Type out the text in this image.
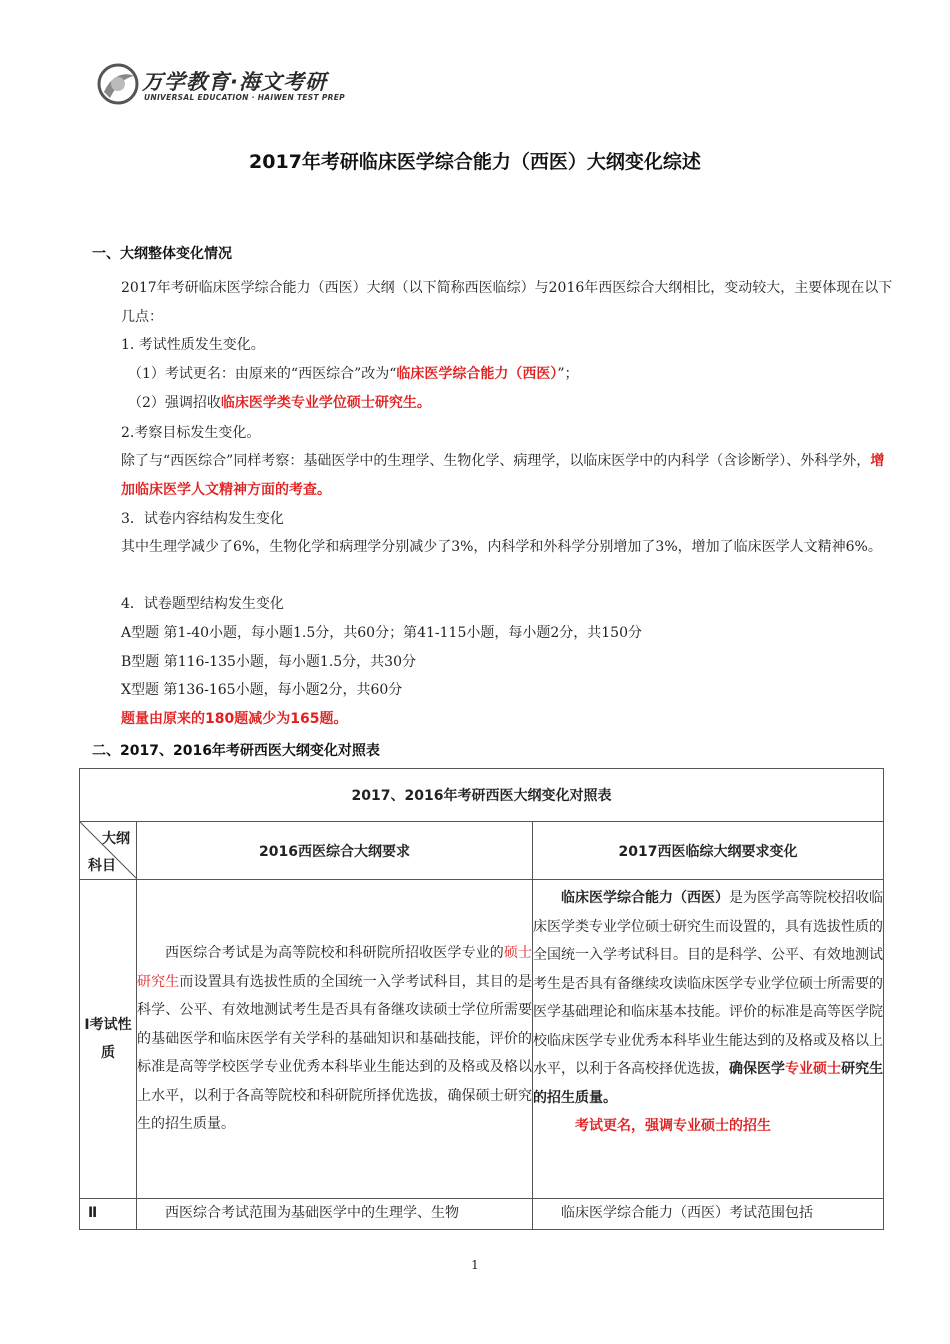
万学教育·海文考研
UNIVERSAL EDUCATION · HAIWEN TEST PREP
2017年考研临床医学综合能力（西医）大纲变化综述
一、大纲整体变化情况
2017年考研临床医学综合能力（西医）大纲（以下简称西医临综）与2016年西医综合大纲相比，变动较大，主要体现在以下几点：
1. 考试性质发生变化。
（1）考试更名：由原来的“西医综合”改为“临床医学综合能力（西医）”；
（2）强调招收临床医学类专业学位硕士研究生。
2.考察目标发生变化。
除了与“西医综合”同样考察：基础医学中的生理学、生物化学、病理学，以临床医学中的内科学（含诊断学）、外科学外，增加临床医学人文精神方面的考查。
3．试卷内容结构发生变化
其中生理学减少了6%，生物化学和病理学分别减少了3%，内科学和外科学分别增加了3%，增加了临床医学人文精神6%。
4．试卷题型结构发生变化
A型题 第1-40小题，每小题1.5分，共60分；第41-115小题，每小题2分，共150分
B型题 第116-135小题，每小题1.5分，共30分
X型题 第136-165小题，每小题2分，共60分
题量由原来的180题减少为165题。
二、2017、2016年考研西医大纲变化对照表
2017、2016年考研西医大纲变化对照表		

大纲
科目	2016西医综合大纲要求	2017西医临综大纲要求变化
Ⅰ考试性质	西医综合考试是为高等院校和科研院所招收医学专业的硕士研究生而设置具有选拔性质的全国统一入学考试科目，其目的是科学、公平、有效地测试考生是否具有备继攻读硕士学位所需要的基础医学和临床医学有关学科的基础知识和基础技能，评价的标准是高等学校医学专业优秀本科毕业生能达到的及格或及格以上水平，以利于各高等院校和科研院所择优选拔，确保硕士研究生的招生质量。	临床医学综合能力（西医）是为医学高等院校招收临床医学类专业学位硕士研究生而设置的，具有选拔性质的全国统一入学考试科目。目的是科学、公平、有效地测试考生是否具有备继续攻读临床医学专业学位硕士所需要的医学基础理论和临床基本技能。评价的标准是高等医学院校临床医学专业优秀本科毕业生能达到的及格或及格以上水平，以利于各高校择优选拔，确保医学专业硕士研究生的招生质量。
考试更名，强调专业硕士的招生

Ⅱ	西医综合考试范围为基础医学中的生理学、生物	临床医学综合能力（西医）考试范围包括
1
